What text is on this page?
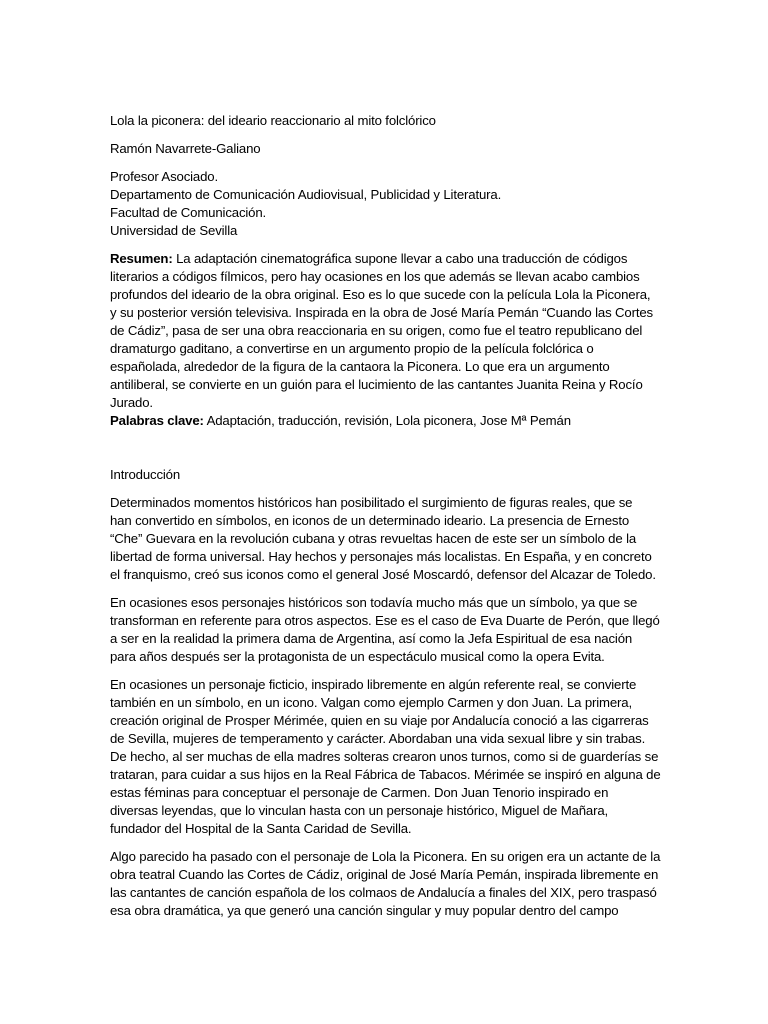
Lola la piconera: del ideario reaccionario al mito folclórico

Ramón Navarrete-Galiano

Profesor Asociado.
Departamento de Comunicación Audiovisual, Publicidad y Literatura.
Facultad de Comunicación.
Universidad de Sevilla

Resumen: La adaptación cinematográfica supone llevar a cabo una traducción de códigos
literarios a códigos fílmicos, pero hay ocasiones en los que además se llevan acabo cambios
profundos del ideario de la obra original. Eso es lo que sucede con la película Lola la Piconera,
y su posterior versión televisiva. Inspirada en la obra de José María Pemán “Cuando las Cortes
de Cádiz”, pasa de ser una obra reaccionaria en su origen, como fue el teatro republicano del
dramaturgo gaditano, a convertirse en un argumento propio de la película folclórica o
españolada, alrededor de la figura de la cantaora la Piconera. Lo que era un argumento
antiliberal, se convierte en un guión para el lucimiento de las cantantes Juanita Reina y Rocío
Jurado.
Palabras clave: Adaptación, traducción, revisión, Lola piconera, Jose Mª Pemán

Introducción

Determinados momentos históricos han posibilitado el surgimiento de figuras reales, que se
han convertido en símbolos, en iconos de un determinado ideario. La presencia de Ernesto
“Che” Guevara en la revolución cubana y otras revueltas hacen de este ser un símbolo de la
libertad de forma universal. Hay hechos y personajes más localistas. En España, y en concreto
el franquismo, creó sus iconos como el general José Moscardó, defensor del Alcazar de Toledo.

En ocasiones esos personajes históricos son todavía mucho más que un símbolo, ya que se
transforman en referente para otros aspectos. Ese es el caso de Eva Duarte de Perón, que llegó
a ser en la realidad la primera dama de Argentina, así como la Jefa Espiritual de esa nación
para años después ser la protagonista de un espectáculo musical como la opera Evita.

En ocasiones un personaje ficticio, inspirado libremente en algún referente real, se convierte
también en un símbolo, en un icono. Valgan como ejemplo Carmen y don Juan. La primera,
creación original de Prosper Mérimée, quien en su viaje por Andalucía conoció a las cigarreras
de Sevilla, mujeres de temperamento y carácter. Abordaban una vida sexual libre y sin trabas.
De hecho, al ser muchas de ella madres solteras crearon unos turnos, como si de guarderías se
trataran, para cuidar a sus hijos en la Real Fábrica de Tabacos. Mérimée se inspiró en alguna de
estas féminas para conceptuar el personaje de Carmen. Don Juan Tenorio inspirado en
diversas leyendas, que lo vinculan hasta con un personaje histórico, Miguel de Mañara,
fundador del Hospital de la Santa Caridad de Sevilla.

Algo parecido ha pasado con el personaje de Lola la Piconera. En su origen era un actante de la
obra teatral Cuando las Cortes de Cádiz, original de José María Pemán, inspirada libremente en
las cantantes de canción española de los colmaos de Andalucía a finales del XIX, pero traspasó
esa obra dramática, ya que generó una canción singular y muy popular dentro del campo
